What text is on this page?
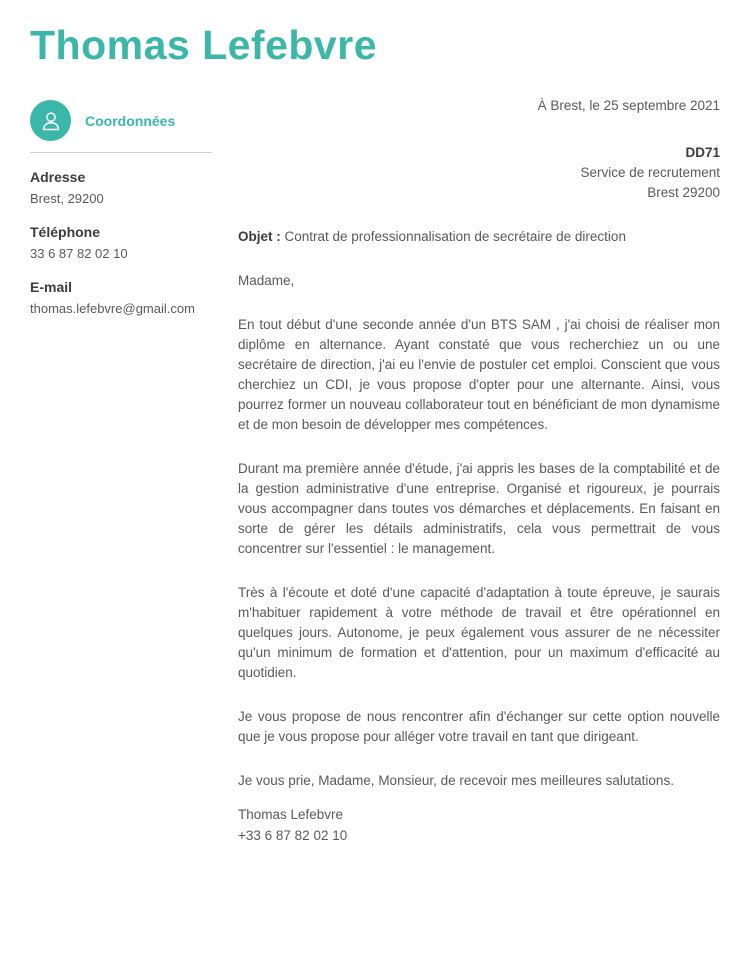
Thomas Lefebvre
Coordonnées
Adresse
Brest, 29200
Téléphone
33 6 87 82 02 10
E-mail
thomas.lefebvre@gmail.com
À Brest, le 25 septembre 2021
DD71
Service de recrutement
Brest 29200

Objet : Contrat de professionnalisation de secrétaire de direction

Madame,

En tout début d'une seconde année d'un BTS SAM , j'ai choisi de réaliser mon diplôme en alternance. Ayant constaté que vous recherchiez un ou une secrétaire de direction, j'ai eu l'envie de postuler cet emploi. Conscient que vous cherchiez un CDI, je vous propose d'opter pour une alternante. Ainsi, vous pourrez former un nouveau collaborateur tout en bénéficiant de mon dynamisme et de mon besoin de développer mes compétences.

Durant ma première année d'étude, j'ai appris les bases de la comptabilité et de la gestion administrative d'une entreprise. Organisé et rigoureux, je pourrais vous accompagner dans toutes vos démarches et déplacements. En faisant en sorte de gérer les détails administratifs, cela vous permettrait de vous concentrer sur l'essentiel : le management.

Très à l'écoute et doté d'une capacité d'adaptation à toute épreuve, je saurais m'habituer rapidement à votre méthode de travail et être opérationnel en quelques jours. Autonome, je peux également vous assurer de ne nécessiter qu'un minimum de formation et d'attention, pour un maximum d'efficacité au quotidien.

Je vous propose de nous rencontrer afin d'échanger sur cette option nouvelle que je vous propose pour alléger votre travail en tant que dirigeant.

Je vous prie, Madame, Monsieur, de recevoir mes meilleures salutations.

Thomas Lefebvre
+33 6 87 82 02 10
